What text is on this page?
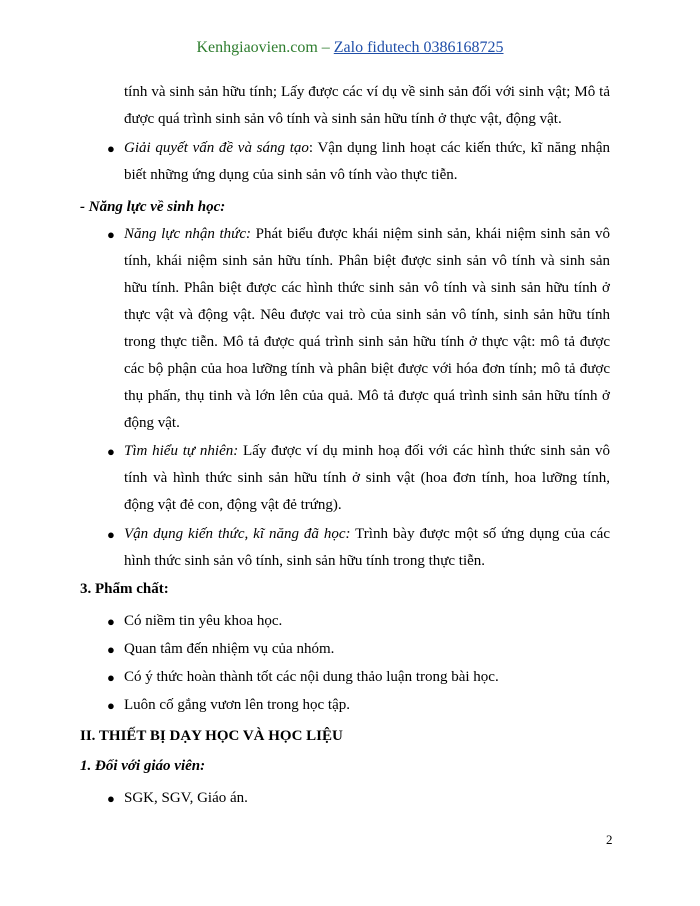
Kenhgiaovien.com – Zalo fidutech 0386168725
tính và sinh sản hữu tính; Lấy được các ví dụ về sinh sản đối với sinh vật; Mô tả được quá trình sinh sản vô tính và sinh sản hữu tính ở thực vật, động vật.
● Giải quyết vấn đề và sáng tạo: Vận dụng linh hoạt các kiến thức, kĩ năng nhận biết những ứng dụng của sinh sản vô tính vào thực tiễn.
- Năng lực về sinh học:
● Năng lực nhận thức: Phát biểu được khái niệm sinh sản, khái niệm sinh sản vô tính, khái niệm sinh sản hữu tính. Phân biệt được sinh sản vô tính và sinh sản hữu tính. Phân biệt được các hình thức sinh sản vô tính và sinh sản hữu tính ở thực vật và động vật. Nêu được vai trò của sinh sản vô tính, sinh sản hữu tính trong thực tiễn. Mô tả được quá trình sinh sản hữu tính ở thực vật: mô tả được các bộ phận của hoa lưỡng tính và phân biệt được với hóa đơn tính; mô tả được thụ phấn, thụ tinh và lớn lên của quả. Mô tả được quá trình sinh sản hữu tính ở động vật.
● Tìm hiểu tự nhiên: Lấy được ví dụ minh hoạ đối với các hình thức sinh sản vô tính và hình thức sinh sản hữu tính ở sinh vật (hoa đơn tính, hoa lưỡng tính, động vật đẻ con, động vật đẻ trứng).
● Vận dụng kiến thức, kĩ năng đã học: Trình bày được một số ứng dụng của các hình thức sinh sản vô tính, sinh sản hữu tính trong thực tiễn.
3. Phẩm chất:
● Có niềm tin yêu khoa học.
● Quan tâm đến nhiệm vụ của nhóm.
● Có ý thức hoàn thành tốt các nội dung thảo luận trong bài học.
● Luôn cố gắng vươn lên trong học tập.
II. THIẾT BỊ DẠY HỌC VÀ HỌC LIỆU
1. Đối với giáo viên:
● SGK, SGV, Giáo án.
2
